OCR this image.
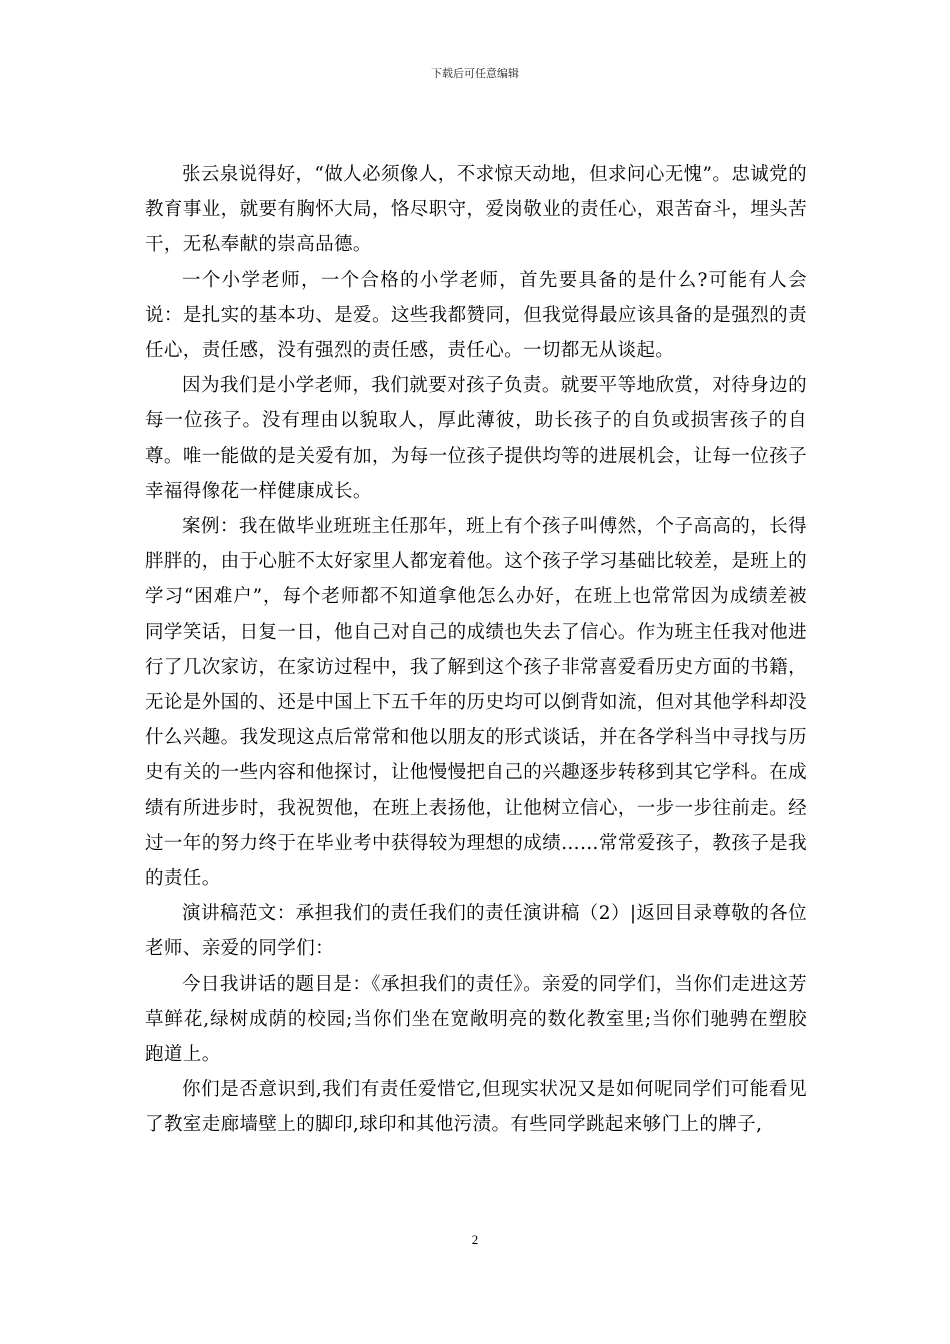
下载后可任意编辑

张云泉说得好，“做人必须像人，不求惊天动地，但求问心无愧”。忠诚党的教育事业，就要有胸怀大局，恪尽职守，爱岗敬业的责任心，艰苦奋斗，埋头苦干，无私奉献的崇高品德。

一个小学老师，一个合格的小学老师，首先要具备的是什么?可能有人会说：是扎实的基本功、是爱。这些我都赞同，但我觉得最应该具备的是强烈的责任心，责任感，没有强烈的责任感，责任心。一切都无从谈起。

因为我们是小学老师，我们就要对孩子负责。就要平等地欣赏，对待身边的每一位孩子。没有理由以貌取人，厚此薄彼，助长孩子的自负或损害孩子的自尊。唯一能做的是关爱有加，为每一位孩子提供均等的进展机会，让每一位孩子幸福得像花一样健康成长。

案例：我在做毕业班班主任那年，班上有个孩子叫傅然，个子高高的，长得胖胖的，由于心脏不太好家里人都宠着他。这个孩子学习基础比较差，是班上的学习“困难户”，每个老师都不知道拿他怎么办好，在班上也常常因为成绩差被同学笑话，日复一日，他自己对自己的成绩也失去了信心。作为班主任我对他进行了几次家访，在家访过程中，我了解到这个孩子非常喜爱看历史方面的书籍，无论是外国的、还是中国上下五千年的历史均可以倒背如流，但对其他学科却没什么兴趣。我发现这点后常常和他以朋友的形式谈话，并在各学科当中寻找与历史有关的一些内容和他探讨，让他慢慢把自己的兴趣逐步转移到其它学科。在成绩有所进步时，我祝贺他，在班上表扬他，让他树立信心，一步一步往前走。经过一年的努力终于在毕业考中获得较为理想的成绩……常常爱孩子，教孩子是我的责任。

演讲稿范文：承担我们的责任我们的责任演讲稿（2）|返回目录尊敬的各位老师、亲爱的同学们：

今日我讲话的题目是：《承担我们的责任》。亲爱的同学们，当你们走进这芳草鲜花,绿树成荫的校园;当你们坐在宽敞明亮的数化教室里;当你们驰骋在塑胶跑道上。

你们是否意识到,我们有责任爱惜它,但现实状况又是如何呢同学们可能看见了教室走廊墙壁上的脚印,球印和其他污渍。有些同学跳起来够门上的牌子,

2
